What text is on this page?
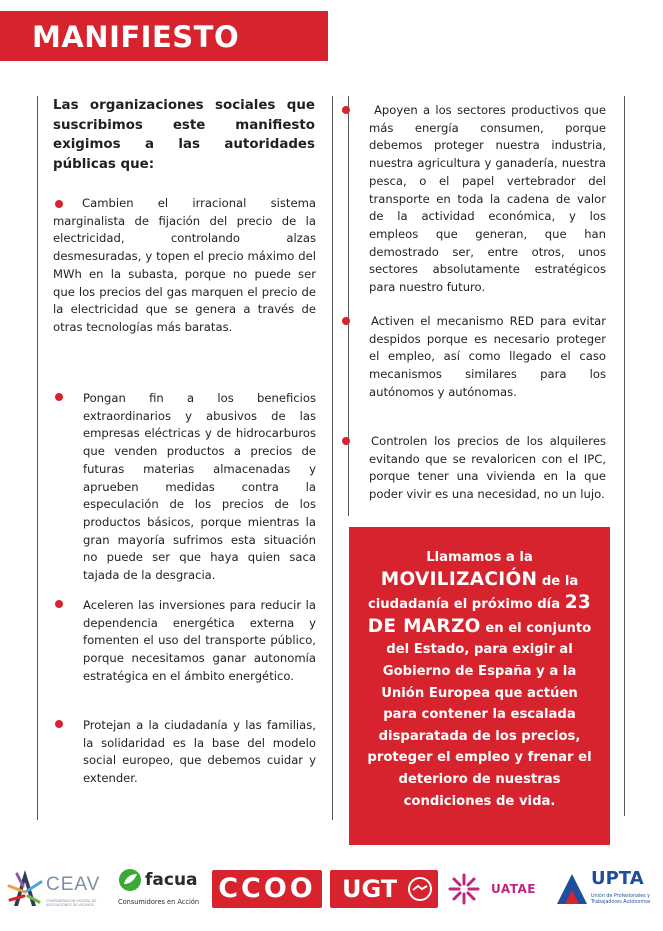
MANIFIESTO

Las organizaciones sociales que suscribimos este manifiesto exigimos a las autoridades públicas que:

Cambien el irracional sistema marginalista de fijación del precio de la electricidad, controlando alzas desmesuradas, y topen el precio máximo del MWh en la subasta, porque no puede ser que los precios del gas marquen el precio de la electricidad que se genera a través de otras tecnologías más baratas.

Pongan fin a los beneficios extraordinarios y abusivos de las empresas eléctricas y de hidrocarburos que venden productos a precios de futuras materias almacenadas y aprueben medidas contra la especulación de los precios de los productos básicos, porque mientras la gran mayoría sufrimos esta situación no puede ser que haya quien saca tajada de la desgracia.

Aceleren las inversiones para reducir la dependencia energética externa y fomenten el uso del transporte público, porque necesitamos ganar autonomía estratégica en el ámbito energético.

Protejan a la ciudadanía y las familias, la solidaridad es la base del modelo social europeo, que debemos cuidar y extender.

Apoyen a los sectores productivos que más energía consumen, porque debemos proteger nuestra industria, nuestra agricultura y ganadería, nuestra pesca, o el papel vertebrador del transporte en toda la cadena de valor de la actividad económica, y los empleos que generan, que han demostrado ser, entre otros, unos sectores absolutamente estratégicos para nuestro futuro.

Activen el mecanismo RED para evitar despidos porque es necesario proteger el empleo, así como llegado el caso mecanismos similares para los autónomos y autónomas.

Controlen los precios de los alquileres evitando que se revaloricen con el IPC, porque tener una vivienda en la que poder vivir es una necesidad, no un lujo.

Llamamos a la
MOVILIZACIÓN de la ciudadanía el próximo día 23 DE MARZO en el conjunto del Estado, para exigir al Gobierno de España y a la Unión Europea que actúen para contener la escalada disparatada de los precios, proteger el empleo y frenar el deterioro de nuestras condiciones de vida.
CEAV
CONFEDERACIÓN ESTATAL DE ASOCIACIONES DE VECINOS
facua
Consumidores en Acción CCOO	UGT	UATAE	UPTA
Unión de Profesionales y Trabajadores Autónomos
